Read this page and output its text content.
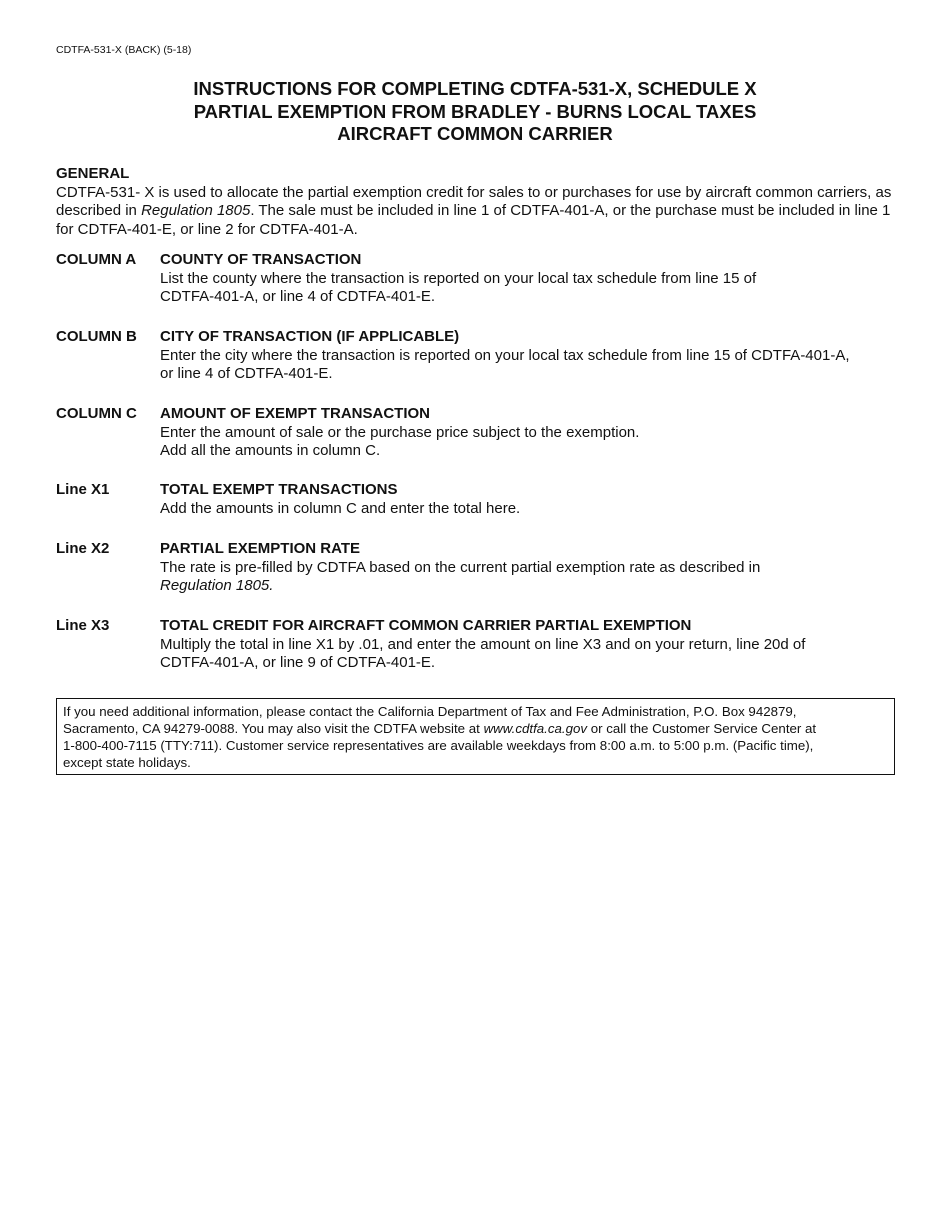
CDTFA-531-X (BACK) (5-18)
INSTRUCTIONS FOR COMPLETING CDTFA-531-X, SCHEDULE X
PARTIAL EXEMPTION FROM BRADLEY - BURNS LOCAL TAXES
AIRCRAFT COMMON CARRIER
GENERAL
CDTFA-531- X is used to allocate the partial exemption credit for sales to or purchases for use by aircraft common carriers, as described in Regulation 1805. The sale must be included in line 1 of CDTFA-401-A, or the purchase must be included in line 1 for CDTFA-401-E, or line 2 for CDTFA-401-A.
COLUMN A COUNTY OF TRANSACTION
List the county where the transaction is reported on your local tax schedule from line 15 of
CDTFA-401-A, or line 4 of CDTFA-401-E.
COLUMN B CITY OF TRANSACTION (IF APPLICABLE)
Enter the city where the transaction is reported on your local tax schedule from line 15 of CDTFA-401-A,
or line 4 of CDTFA-401-E.
COLUMN C AMOUNT OF EXEMPT TRANSACTION
Enter the amount of sale or the purchase price subject to the exemption.
Add all the amounts in column C.
Line X1	TOTAL EXEMPT TRANSACTIONS
Add the amounts in column C and enter the total here.
Line X2	PARTIAL EXEMPTION RATE
The rate is pre-filled by CDTFA based on the current partial exemption rate as described in
Regulation 1805.
Line X3	TOTAL CREDIT FOR AIRCRAFT COMMON CARRIER PARTIAL EXEMPTION
Multiply the total in line X1 by .01, and enter the amount on line X3 and on your return, line 20d of
CDTFA-401-A, or line 9 of CDTFA-401-E.
If you need additional information, please contact the California Department of Tax and Fee Administration, P.O. Box 942879,
Sacramento, CA 94279-0088. You may also visit the CDTFA website at www.cdtfa.ca.gov or call the Customer Service Center at
1-800-400-7115 (TTY:711). Customer service representatives are available weekdays from 8:00 a.m. to 5:00 p.m. (Pacific time),
except state holidays.
